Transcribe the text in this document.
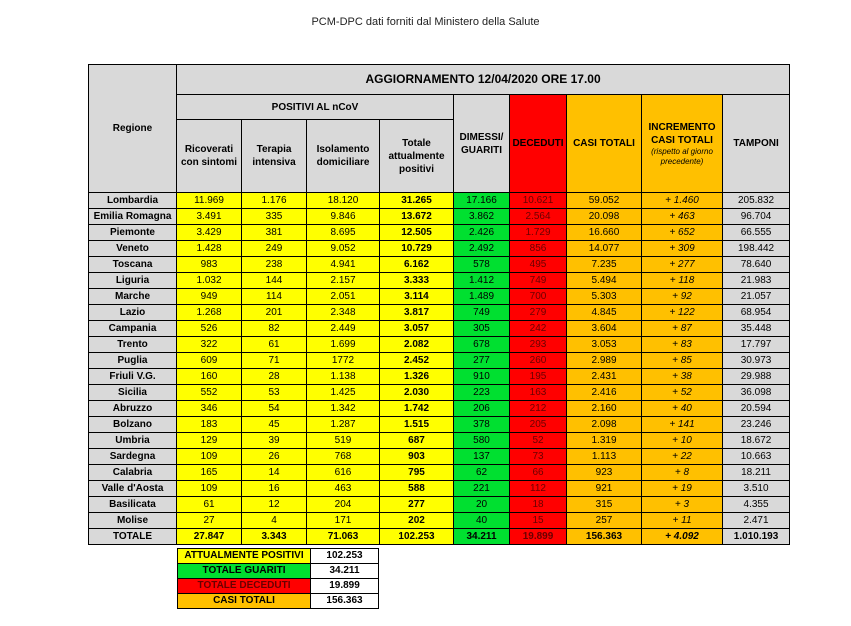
PCM-DPC dati forniti dal Ministero della Salute
Regione	AGGIORNAMENTO 12/04/2020 ORE 17.00								
	POSITIVI AL nCoV				DIMESSI/ GUARITI	DECEDUTI	CASI TOTALI	INCREMENTO CASI TOTALI
(rispetto al giorno precedente)	TAMPONI
	Ricoverati con sintomi	Terapia intensiva	Isolamento domiciliare	Totale attualmente positivi					
Lombardia	11.969	1.176	18.120	31.265	17.166	10.621	59.052	+ 1.460	205.832
Emilia Romagna	3.491	335	9.846	13.672	3.862	2.564	20.098	+ 463	96.704
Piemonte	3.429	381	8.695	12.505	2.426	1.729	16.660	+ 652	66.555
Veneto	1.428	249	9.052	10.729	2.492	856	14.077	+ 309	198.442
Toscana	983	238	4.941	6.162	578	495	7.235	+ 277	78.640
Liguria	1.032	144	2.157	3.333	1.412	749	5.494	+ 118	21.983
Marche	949	114	2.051	3.114	1.489	700	5.303	+ 92	21.057
Lazio	1.268	201	2.348	3.817	749	279	4.845	+ 122	68.954
Campania	526	82	2.449	3.057	305	242	3.604	+ 87	35.448
Trento	322	61	1.699	2.082	678	293	3.053	+ 83	17.797
Puglia	609	71	1772	2.452	277	260	2.989	+ 85	30.973
Friuli V.G.	160	28	1.138	1.326	910	195	2.431	+ 38	29.988
Sicilia	552	53	1.425	2.030	223	163	2.416	+ 52	36.098
Abruzzo	346	54	1.342	1.742	206	212	2.160	+ 40	20.594
Bolzano	183	45	1.287	1.515	378	205	2.098	+ 141	23.246
Umbria	129	39	519	687	580	52	1.319	+ 10	18.672
Sardegna	109	26	768	903	137	73	1.113	+ 22	10.663
Calabria	165	14	616	795	62	66	923	+ 8	18.211
Valle d'Aosta	109	16	463	588	221	112	921	+ 19	3.510
Basilicata	61	12	204	277	20	18	315	+ 3	4.355
Molise	27	4	171	202	40	15	257	+ 11	2.471
TOTALE	27.847	3.343	71.063	102.253	34.211	19.899	156.363	+ 4.092	1.010.193
ATTUALMENTE POSITIVI	102.253
TOTALE GUARITI	34.211
TOTALE DECEDUTI	19.899
CASI TOTALI	156.363
